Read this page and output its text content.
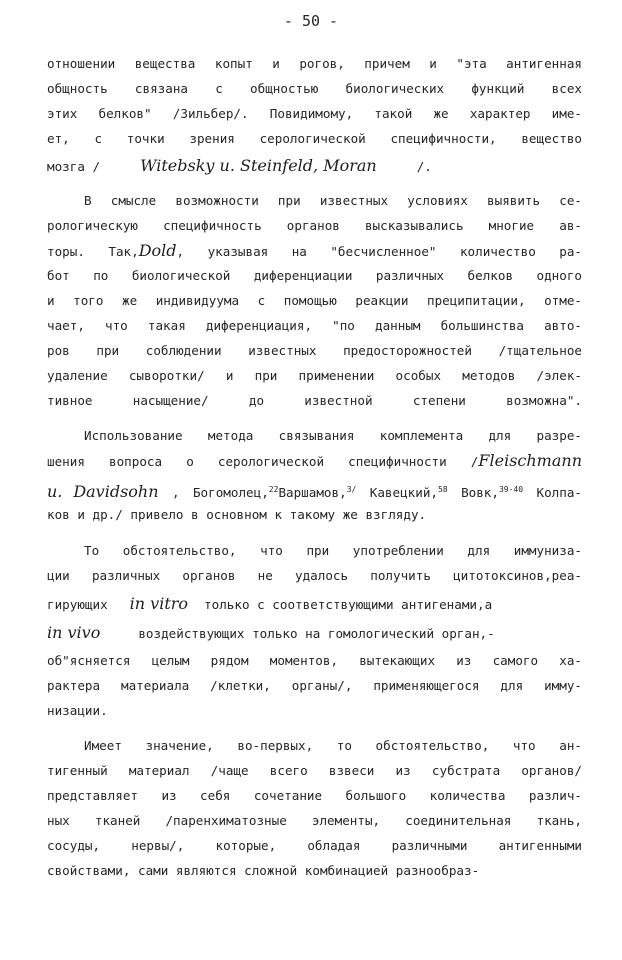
- 50 -
отношении вещества копыт и рогов, причем и "эта антигенная
общность связана с общностью биологических функций всех
этих белков" /Зильбер/. Повидимому, такой же характер име-
ет, с точки зрения серологической специфичности, вещество
мозга /	Witebsky u. Steinfeld, Moran	/.
В смысле возможности при известных условиях выявить се-
рологическую специфичность органов высказывались многие ав-
торы. Так,Dold, указывая на "бесчисленное" количество ра-
бот по биологической диференциации различных белков одного
и того же индивидуума с помощью реакции преципитации, отме-
чает, что такая диференциация, "по данным большинства авто-
ров при соблюдении известных предосторожностей /тщательное
удаление сыворотки/ и при применении особых методов /элек-
тивное насыщение/ до известной степени возможна".
Использование метода связывания комплемента для разре-
шения вопроса о серологической специфичности /Fleischmann
u. Davidsohn , Богомолец,$^{22}$Варшамов,$^{3/}$ Кавецкий,$^{58}$ Вовк,$^{39-40}$ Колпа-
ков и др./ привело в основном к такому же взгляду.
То обстоятельство, что при употреблении для иммуниза-
ции различных органов не удалось получить цитотоксинов,реа-
гирующих in vitro только с соответствующими антигенами,а
in vivo	воздействующих только на гомологический орган,-
об"ясняется целым рядом моментов, вытекающих из самого ха-
рактера материала /клетки, органы/, применяющегося для имму-
низации.
Имеет значение, во-первых, то обстоятельство, что ан-
тигенный материал /чаще всего взвеси из субстрата органов/
представляет из себя сочетание большого количества различ-
ных тканей /паренхиматозные элементы, соединительная ткань,
сосуды, нервы/, которые, обладая различными антигенными
свойствами, сами являются сложной комбинацией разнообраз-
